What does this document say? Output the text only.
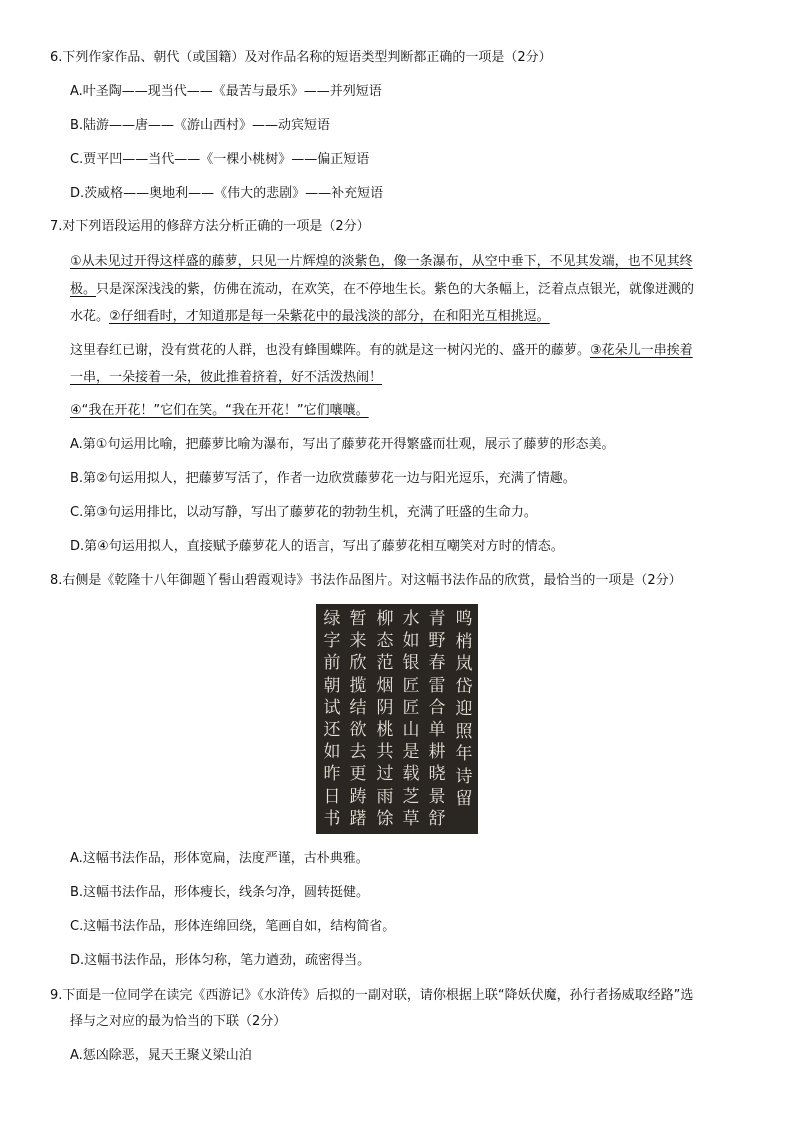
6.下列作家作品、朝代（或国籍）及对作品名称的短语类型判断都正确的一项是（2分）
A.叶圣陶——现当代——《最苦与最乐》——并列短语
B.陆游——唐——《游山西村》——动宾短语
C.贾平凹——当代——《一棵小桃树》——偏正短语
D.茨威格——奥地利——《伟大的悲剧》——补充短语
7.对下列语段运用的修辞方法分析正确的一项是（2分）
①从未见过开得这样盛的藤萝，只见一片辉煌的淡紫色，像一条瀑布，从空中垂下，不见其发端，也不见其终
极。只是深深浅浅的紫，仿佛在流动，在欢笑，在不停地生长。紫色的大条幅上，泛着点点银光，就像迸溅的
水花。②仔细看时，才知道那是每一朵紫花中的最浅淡的部分，在和阳光互相挑逗。
这里春红已谢，没有赏花的人群，也没有蜂围蝶阵。有的就是这一树闪光的、盛开的藤萝。③花朵儿一串挨着
一串，一朵接着一朵，彼此推着挤着，好不活泼热闹！
④“我在开花！”它们在笑。“我在开花！”它们嚷嚷。
A.第①句运用比喻，把藤萝比喻为瀑布，写出了藤萝花开得繁盛而壮观，展示了藤萝的形态美。
B.第②句运用拟人，把藤萝写活了，作者一边欣赏藤萝花一边与阳光逗乐，充满了情趣。
C.第③句运用排比，以动写静，写出了藤萝花的勃勃生机，充满了旺盛的生命力。
D.第④句运用拟人，直接赋予藤萝花人的语言，写出了藤萝花相互嘲笑对方时的情态。
8.右侧是《乾隆十八年御题丫髻山碧霞观诗》书法作品图片。对这幅书法作品的欣赏，最恰当的一项是（2分）
鸣
梢
岚
岱
迎
照
年
诗
留
青
野
春
雷
合
单
耕
晓
景
舒
水
如
银
匠
匠
山
是
载
芝
草
柳
态
范
烟
阴
桃
共
过
雨
馀
暂
来
欣
揽
结
欲
去
更
踌
躇
绿
字
前
朝
试
还
如
昨
日
书
A.这幅书法作品，形体宽扁，法度严谨，古朴典雅。
B.这幅书法作品，形体瘦长，线条匀净，圆转挺健。
C.这幅书法作品，形体连绵回绕，笔画自如，结构简省。
D.这幅书法作品，形体匀称，笔力遒劲，疏密得当。
9.下面是一位同学在读完《西游记》《水浒传》后拟的一副对联，请你根据上联“降妖伏魔，孙行者扬威取经路”选
择与之对应的最为恰当的下联（2分）
A.惩凶除恶，晁天王聚义梁山泊
